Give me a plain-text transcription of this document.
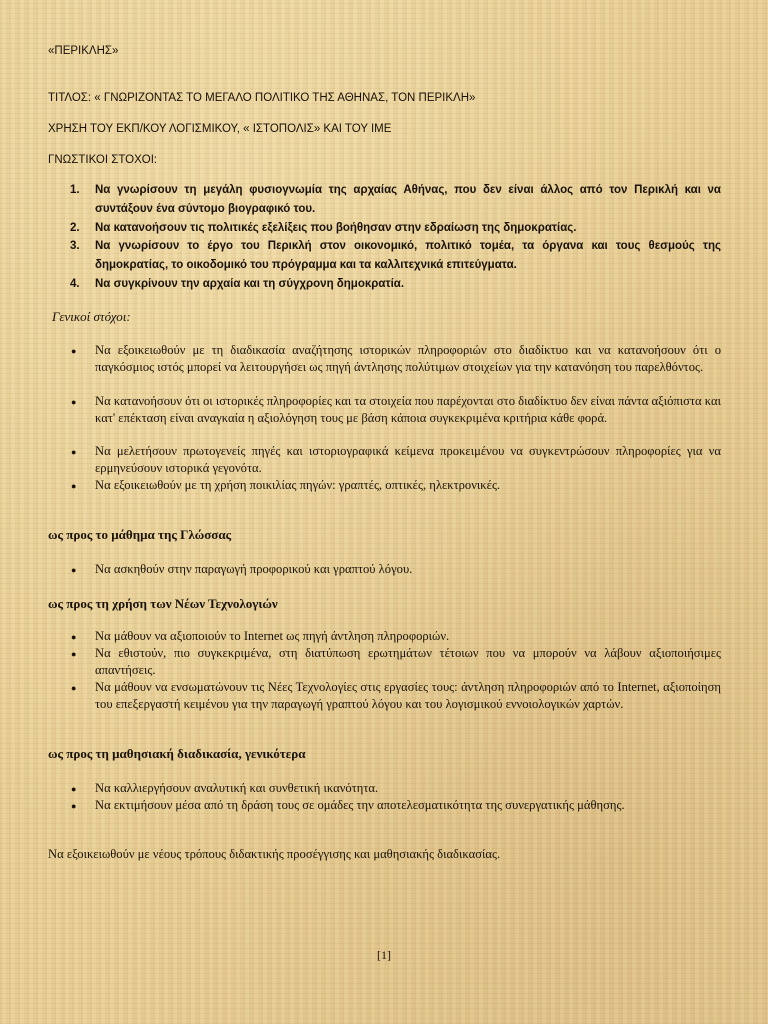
«ΠΕΡΙΚΛΗΣ»
ΤΙΤΛΟΣ: « ΓΝΩΡΙΖΟΝΤΑΣ ΤΟ ΜΕΓΑΛΟ ΠΟΛΙΤΙΚΟ ΤΗΣ ΑΘΗΝΑΣ, ΤΟΝ ΠΕΡΙΚΛΗ»
ΧΡΗΣΗ ΤΟΥ ΕΚΠ/ΚΟΥ ΛΟΓΙΣΜΙΚΟΥ, « ΙΣΤΟΠΟΛΙΣ» ΚΑΙ ΤΟΥ ΙΜΕ
ΓΝΩΣΤΙΚΟΙ ΣΤΟΧΟΙ:
1. Να γνωρίσουν τη μεγάλη φυσιογνωμία της αρχαίας Αθήνας, που δεν είναι άλλος από τον Περικλή και να συντάξουν ένα σύντομο βιογραφικό του.
2. Να κατανοήσουν τις πολιτικές εξελίξεις που βοήθησαν στην εδραίωση της δημοκρατίας.
3. Να γνωρίσουν το έργο του Περικλή στον οικονομικό, πολιτικό τομέα, τα όργανα και τους θεσμούς της δημοκρατίας, το οικοδομικό του πρόγραμμα και τα καλλιτεχνικά επιτεύγματα.
4. Να συγκρίνουν την αρχαία και τη σύγχρονη δημοκρατία.
Γενικοί στόχοι:
● Να εξοικειωθούν με τη διαδικασία αναζήτησης ιστορικών πληροφοριών στο διαδίκτυο και να κατανοήσουν ότι ο παγκόσμιος ιστός μπορεί να λειτουργήσει ως πηγή άντλησης πολύτιμων στοιχείων για την κατανόηση του παρελθόντος.
● Να κατανοήσουν ότι οι ιστορικές πληροφορίες και τα στοιχεία που παρέχονται στο διαδίκτυο δεν είναι πάντα αξιόπιστα και κατ' επέκταση είναι αναγκαία η αξιολόγηση τους με βάση κάποια συγκεκριμένα κριτήρια κάθε φορά.
● Να μελετήσουν πρωτογενείς πηγές και ιστοριογραφικά κείμενα προκειμένου να συγκεντρώσουν πληροφορίες για να ερμηνεύσουν ιστορικά γεγονότα.
● Να εξοικειωθούν με τη χρήση ποικιλίας πηγών: γραπτές, οπτικές, ηλεκτρονικές.
ως προς το μάθημα της Γλώσσας
● Να ασκηθούν στην παραγωγή προφορικού και γραπτού λόγου.
ως προς τη χρήση των Νέων Τεχνολογιών
● Να μάθουν να αξιοποιούν το Internet ως πηγή άντληση πληροφοριών.
● Να εθιστούν, πιο συγκεκριμένα, στη διατύπωση ερωτημάτων τέτοιων που να μπορούν να λάβουν αξιοποιήσιμες απαντήσεις.
● Να μάθουν να ενσωματώνουν τις Νέες Τεχνολογίες στις εργασίες τους: άντληση πληροφοριών από το Internet, αξιοποίηση του επεξεργαστή κειμένου για την παραγωγή γραπτού λόγου και του λογισμικού εννοιολογικών χαρτών.
ως προς τη μαθησιακή διαδικασία, γενικότερα
● Να καλλιεργήσουν αναλυτική και συνθετική ικανότητα.
● Να εκτιμήσουν μέσα από τη δράση τους σε ομάδες την αποτελεσματικότητα της συνεργατικής μάθησης.
Να εξοικειωθούν με νέους τρόπους διδακτικής προσέγγισης και μαθησιακής διαδικασίας.
[1]
